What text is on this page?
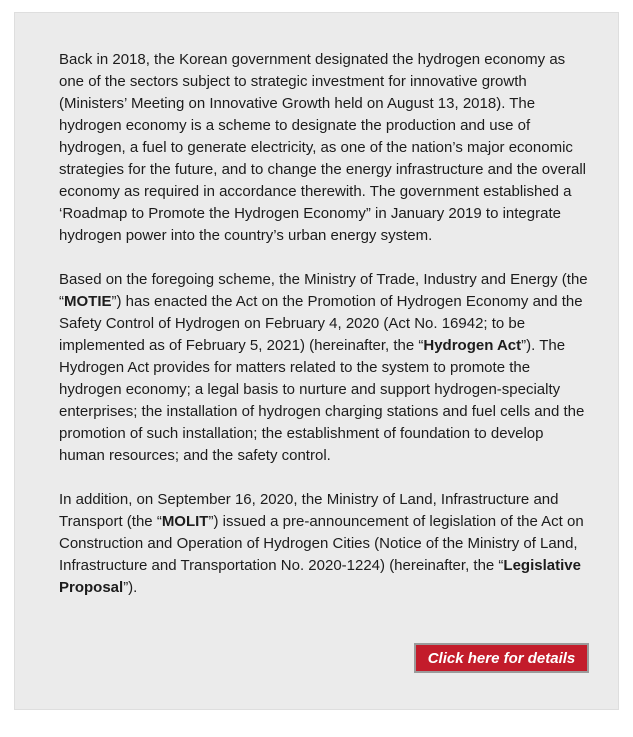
Back in 2018, the Korean government designated the hydrogen economy as one of the sectors subject to strategic investment for innovative growth (Ministers’ Meeting on Innovative Growth held on August 13, 2018). The hydrogen economy is a scheme to designate the production and use of hydrogen, a fuel to generate electricity, as one of the nation’s major economic strategies for the future, and to change the energy infrastructure and the overall economy as required in accordance therewith. The government established a ‘Roadmap to Promote the Hydrogen Economy” in January 2019 to integrate hydrogen power into the country’s urban energy system.

Based on the foregoing scheme, the Ministry of Trade, Industry and Energy (the “MOTIE”) has enacted the Act on the Promotion of Hydrogen Economy and the Safety Control of Hydrogen on February 4, 2020 (Act No. 16942; to be implemented as of February 5, 2021) (hereinafter, the “Hydrogen Act”). The Hydrogen Act provides for matters related to the system to promote the hydrogen economy; a legal basis to nurture and support hydrogen-specialty enterprises; the installation of hydrogen charging stations and fuel cells and the promotion of such installation; the establishment of foundation to develop human resources; and the safety control.

In addition, on September 16, 2020, the Ministry of Land, Infrastructure and Transport (the “MOLIT”) issued a pre-announcement of legislation of the Act on Construction and Operation of Hydrogen Cities (Notice of the Ministry of Land, Infrastructure and Transportation No. 2020-1224) (hereinafter, the “Legislative Proposal”).

Click here for details
